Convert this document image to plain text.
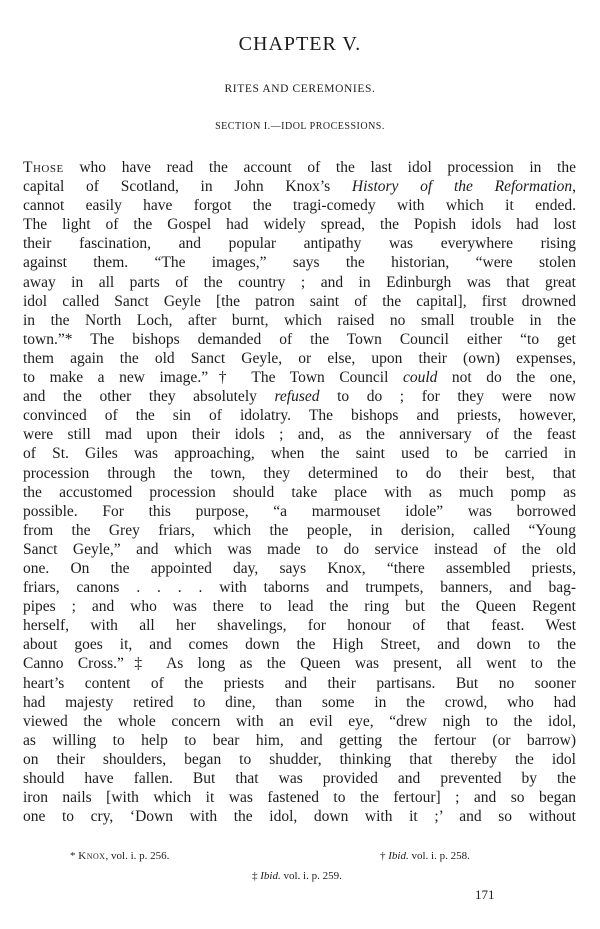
CHAPTER V.
RITES AND CEREMONIES.
SECTION I.—IDOL PROCESSIONS.
Those who have read the account of the last idol procession in the
capital of Scotland, in John Knox’s History of the Reformation,
cannot easily have forgot the tragi-comedy with which it ended.
The light of the Gospel had widely spread, the Popish idols had lost
their fascination, and popular antipathy was everywhere rising
against them. “The images,” says the historian, “were stolen
away in all parts of the country ; and in Edinburgh was that great
idol called Sanct Geyle [the patron saint of the capital], first drowned
in the North Loch, after burnt, which raised no small trouble in the
town.”* The bishops demanded of the Town Council either “to get
them again the old Sanct Geyle, or else, upon their (own) expenses,
to make a new image.”† The Town Council could not do the one,
and the other they absolutely refused to do ; for they were now
convinced of the sin of idolatry. The bishops and priests, however,
were still mad upon their idols ; and, as the anniversary of the feast
of St. Giles was approaching, when the saint used to be carried in
procession through the town, they determined to do their best, that
the accustomed procession should take place with as much pomp as
possible. For this purpose, “a marmouset idole” was borrowed
from the Grey friars, which the people, in derision, called “Young
Sanct Geyle,” and which was made to do service instead of the old
one. On the appointed day, says Knox, “there assembled priests,
friars, canons . . . . with taborns and trumpets, banners, and bag-
pipes ; and who was there to lead the ring but the Queen Regent
herself, with all her shavelings, for honour of that feast. West
about goes it, and comes down the High Street, and down to the
Canno Cross.”‡ As long as the Queen was present, all went to the
heart’s content of the priests and their partisans. But no sooner
had majesty retired to dine, than some in the crowd, who had
viewed the whole concern with an evil eye, “drew nigh to the idol,
as willing to help to bear him, and getting the fertour (or barrow)
on their shoulders, began to shudder, thinking that thereby the idol
should have fallen. But that was provided and prevented by the
iron nails [with which it was fastened to the fertour] ; and so began
one to cry, ‘Down with the idol, down with it ;’ and so without
* Knox, vol. i. p. 256.	† Ibid. vol. i. p. 258.
‡ Ibid. vol. i. p. 259.
171
